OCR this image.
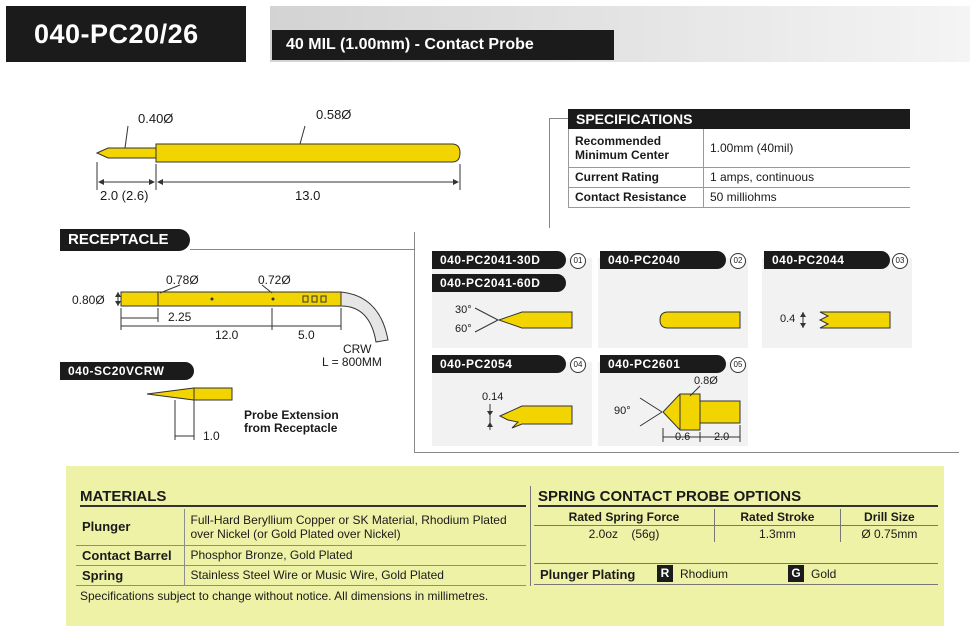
040-PC20/26	40 MIL (1.00mm) - Contact Probe
0.40Ø	0.58Ø
2.0 (2.6)	13.0
SPECIFICATIONS
Recommended Minimum Center	1.00mm (40mil)
Current Rating	1 amps, continuous
Contact Resistance	50 milliohms
RECEPTACLE
0.80Ø
0.78Ø	0.72Ø
2.25
12.0	5.0
CRW
L = 800MM
040-SC20VCRW
Probe Extension
from Receptacle
1.0
040-PC2041-30D
040-PC2041-60D
01
30°
60°
040-PC2040	02	040-PC2044	03
0.4
040-PC2054	04
0.14
040-PC2601	05
90°
0.8Ø
0.6 2.0
MATERIALS
Plunger	Full-Hard Beryllium Copper or SK Material, Rhodium Plated over Nickel (or Gold Plated over Nickel)
Contact Barrel	Phosphor Bronze, Gold Plated
Spring	Stainless Steel Wire or Music Wire, Gold Plated
Specifications subject to change without notice. All dimensions in millimetres.
SPRING CONTACT PROBE OPTIONS
Rated Spring Force	Rated Stroke	Drill Size
2.0oz    (56g)	1.3mm	Ø 0.75mm
Plunger Plating	R Rhodium	G Gold
